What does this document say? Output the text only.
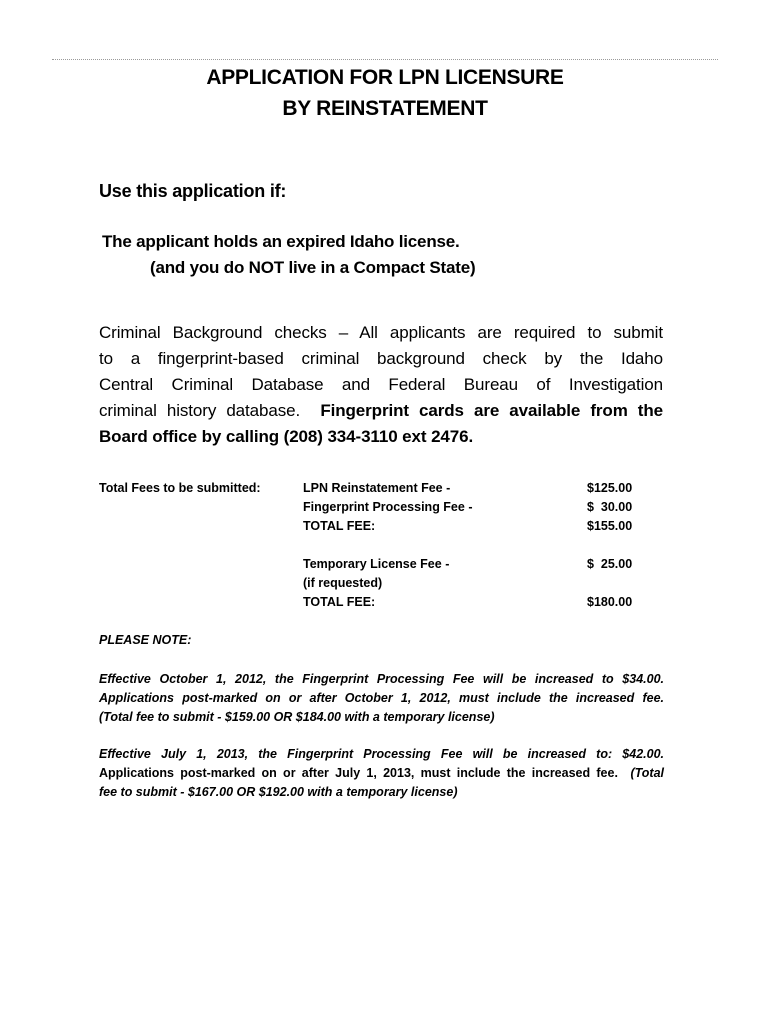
APPLICATION FOR LPN LICENSURE
BY REINSTATEMENT
Use this application if:
The applicant holds an expired Idaho license.
(and you do NOT live in a Compact State)
Criminal Background checks – All applicants are required to submit
to a fingerprint-based criminal background check by the Idaho
Central Criminal Database and Federal Bureau of Investigation
criminal history database. Fingerprint cards are available from the
Board office by calling (208) 334-3110 ext 2476.
Total Fees to be submitted:	LPN Reinstatement Fee -	$125.00
Fingerprint Processing Fee -	$  30.00
TOTAL FEE:	$155.00
Temporary License Fee -	$  25.00
(if requested)
TOTAL FEE:	$180.00
PLEASE NOTE:
Effective October 1, 2012, the Fingerprint Processing Fee will be increased to $34.00.
Applications post-marked on or after October 1, 2012, must include the increased fee.
(Total fee to submit - $159.00 OR $184.00 with a temporary license)
Effective July 1, 2013, the Fingerprint Processing Fee will be increased to: $42.00.
Applications post-marked on or after July 1, 2013, must include the increased fee. (Total
fee to submit - $167.00 OR $192.00 with a temporary license)
